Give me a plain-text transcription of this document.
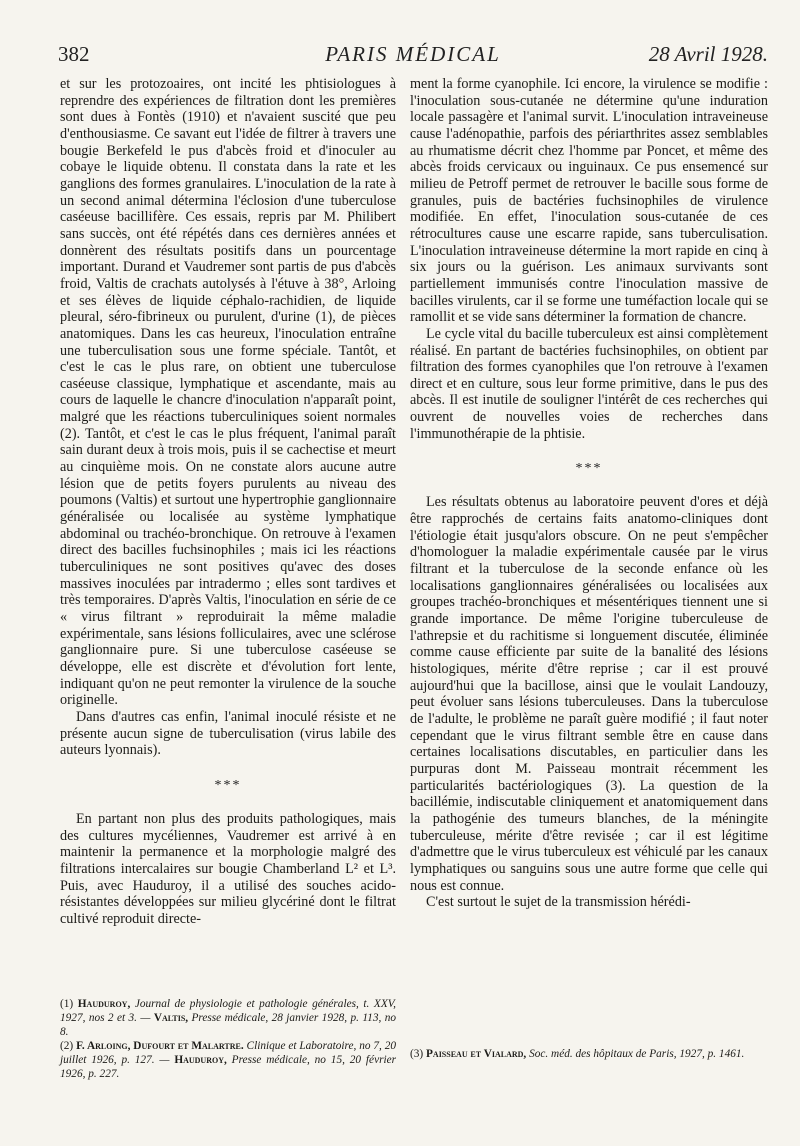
382	PARIS MÉDICAL	28 Avril 1928.

et sur les protozoaires, ont incité les phtisiologues à reprendre des expériences de filtration dont les premières sont dues à Fontès (1910) et n'avaient suscité que peu d'enthousiasme. Ce savant eut l'idée de filtrer à travers une bougie Berkefeld le pus d'abcès froid et d'inoculer au cobaye le liquide obtenu. Il constata dans la rate et les ganglions des formes granulaires. L'inoculation de la rate à un second animal détermina l'éclosion d'une tuberculose caséeuse bacillifère. Ces essais, repris par M. Philibert sans succès, ont été répétés dans ces dernières années et donnèrent des résultats positifs dans un pourcentage important. Durand et Vaudremer sont partis de pus d'abcès froid, Valtis de crachats autolysés à l'étuve à 38°, Arloing et ses élèves de liquide céphalo-rachidien, de liquide pleural, séro-fibrineux ou purulent, d'urine (1), de pièces anatomiques. Dans les cas heureux, l'inoculation entraîne une tuberculisation sous une forme spéciale. Tantôt, et c'est le cas le plus rare, on obtient une tuberculose caséeuse classique, lymphatique et ascendante, mais au cours de laquelle le chancre d'inoculation n'apparaît point, malgré que les réactions tuberculiniques soient normales (2). Tantôt, et c'est le cas le plus fréquent, l'animal paraît sain durant deux à trois mois, puis il se cachectise et meurt au cinquième mois. On ne constate alors aucune autre lésion que de petits foyers purulents au niveau des poumons (Valtis) et surtout une hypertrophie ganglionnaire généralisée ou localisée au système lymphatique abdominal ou trachéo-bronchique. On retrouve à l'examen direct des bacilles fuchsinophiles ; mais ici les réactions tuberculiniques ne sont positives qu'avec des doses massives inoculées par intradermo ; elles sont tardives et très temporaires. D'après Valtis, l'inoculation en série de ce « virus filtrant » reproduirait la même maladie expérimentale, sans lésions folliculaires, avec une sclérose ganglionnaire pure. Si une tuberculose caséeuse se développe, elle est discrète et d'évolution fort lente, indiquant qu'on ne peut remonter la virulence de la souche originelle.

Dans d'autres cas enfin, l'animal inoculé résiste et ne présente aucun signe de tuberculisation (virus labile des auteurs lyonnais).

***

En partant non plus des produits pathologiques, mais des cultures mycéliennes, Vaudremer est arrivé à en maintenir la permanence et la morphologie malgré des filtrations intercalaires sur bougie Chamberland L² et L³. Puis, avec Hauduroy, il a utilisé des souches acido-résistantes développées sur milieu glycériné dont le filtrat cultivé reproduit directe-

(1) Hauduroy, Journal de physiologie et pathologie générales, t. XXV, 1927, nos 2 et 3. — Valtis, Presse médicale, 28 janvier 1928, p. 113, no 8.

(2) F. Arloing, Dufourt et Malartre. Clinique et Laboratoire, no 7, 20 juillet 1926, p. 127. — Hauduroy, Presse médicale, no 15, 20 février 1926, p. 227.

ment la forme cyanophile. Ici encore, la virulence se modifie : l'inoculation sous-cutanée ne détermine qu'une induration locale passagère et l'animal survit. L'inoculation intraveineuse cause l'adénopathie, parfois des périarthrites assez semblables au rhumatisme décrit chez l'homme par Poncet, et même des abcès froids cervicaux ou inguinaux. Ce pus ensemencé sur milieu de Petroff permet de retrouver le bacille sous forme de granules, puis de bactéries fuchsinophiles de virulence modifiée. En effet, l'inoculation sous-cutanée de ces rétrocultures cause une escarre rapide, sans tuberculisation. L'inoculation intraveineuse détermine la mort rapide en cinq à six jours ou la guérison. Les animaux survivants sont partiellement immunisés contre l'inoculation massive de bacilles virulents, car il se forme une tuméfaction locale qui se ramollit et se vide sans déterminer la formation de chancre.

Le cycle vital du bacille tuberculeux est ainsi complètement réalisé. En partant de bactéries fuchsinophiles, on obtient par filtration des formes cyanophiles que l'on retrouve à l'examen direct et en culture, sous leur forme primitive, dans le pus des abcès. Il est inutile de souligner l'intérêt de ces recherches qui ouvrent de nouvelles voies de recherches dans l'immunothérapie de la phtisie.

***

Les résultats obtenus au laboratoire peuvent d'ores et déjà être rapprochés de certains faits anatomo-cliniques dont l'étiologie était jusqu'alors obscure. On ne peut s'empêcher d'homologuer la maladie expérimentale causée par le virus filtrant et la tuberculose de la seconde enfance où les localisations ganglionnaires généralisées ou localisées aux groupes trachéo-bronchiques et mésentériques tiennent une si grande importance. De même l'origine tuberculeuse de l'athrepsie et du rachitisme si longuement discutée, éliminée comme cause efficiente par suite de la banalité des lésions histologiques, mérite d'être reprise ; car il est prouvé aujourd'hui que la bacillose, ainsi que le voulait Landouzy, peut évoluer sans lésions tuberculeuses. Dans la tuberculose de l'adulte, le problème ne paraît guère modifié ; il faut noter cependant que le virus filtrant semble être en cause dans certaines localisations discutables, en particulier dans les purpuras dont M. Paisseau montrait récemment les particularités bactériologiques (3). La question de la bacillémie, indiscutable cliniquement et anatomiquement dans la pathogénie des tumeurs blanches, de la méningite tuberculeuse, mérite d'être revisée ; car il est légitime d'admettre que le virus tuberculeux est véhiculé par les canaux lymphatiques ou sanguins sous une autre forme que celle qui nous est connue.

C'est surtout le sujet de la transmission hérédi-

(3) Paisseau et Vialard, Soc. méd. des hôpitaux de Paris, 1927, p. 1461.
